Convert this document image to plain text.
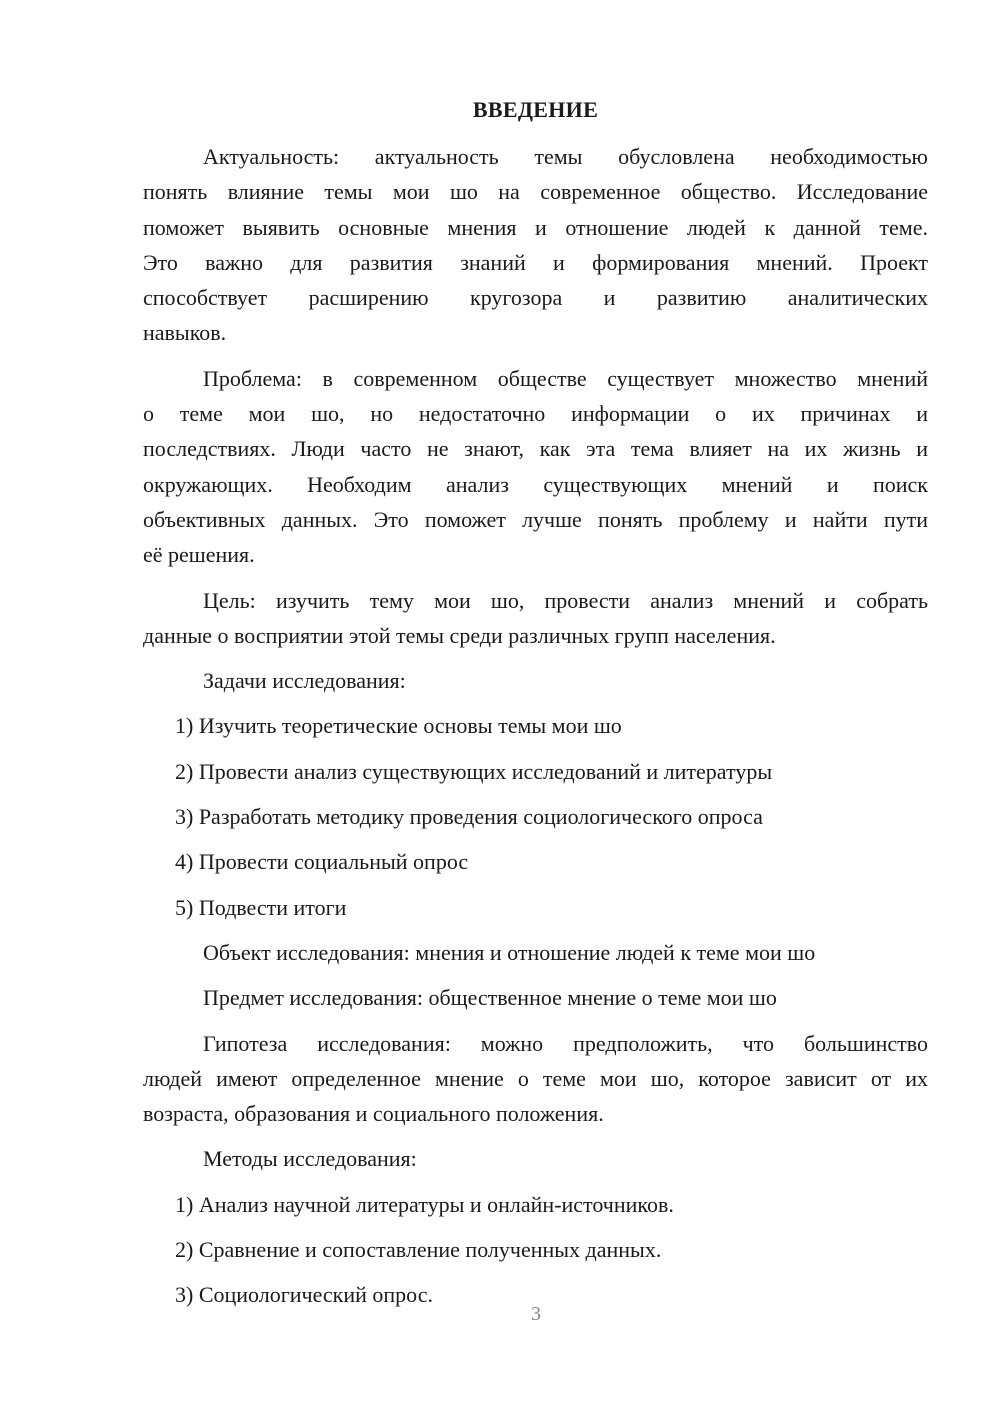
ВВЕДЕНИЕ
Актуальность: актуальность темы обусловлена необходимостью
понять влияние темы мои шо на современное общество. Исследование
поможет выявить основные мнения и отношение людей к данной теме.
Это важно для развития знаний и формирования мнений. Проект
способствует расширению кругозора и развитию аналитических
навыков.
Проблема: в современном обществе существует множество мнений
о теме мои шо, но недостаточно информации о их причинах и
последствиях. Люди часто не знают, как эта тема влияет на их жизнь и
окружающих. Необходим анализ существующих мнений и поиск
объективных данных. Это поможет лучше понять проблему и найти пути
её решения.
Цель: изучить тему мои шо, провести анализ мнений и собрать
данные о восприятии этой темы среди различных групп населения.
Задачи исследования:
1) Изучить теоретические основы темы мои шо
2) Провести анализ существующих исследований и литературы
3) Разработать методику проведения социологического опроса
4) Провести социальный опрос
5) Подвести итоги
Объект исследования: мнения и отношение людей к теме мои шо
Предмет исследования: общественное мнение о теме мои шо
Гипотеза исследования: можно предположить, что большинство
людей имеют определенное мнение о теме мои шо, которое зависит от их
возраста, образования и социального положения.
Методы исследования:
1) Анализ научной литературы и онлайн-источников.
2) Сравнение и сопоставление полученных данных.
3) Социологический опрос.
3
